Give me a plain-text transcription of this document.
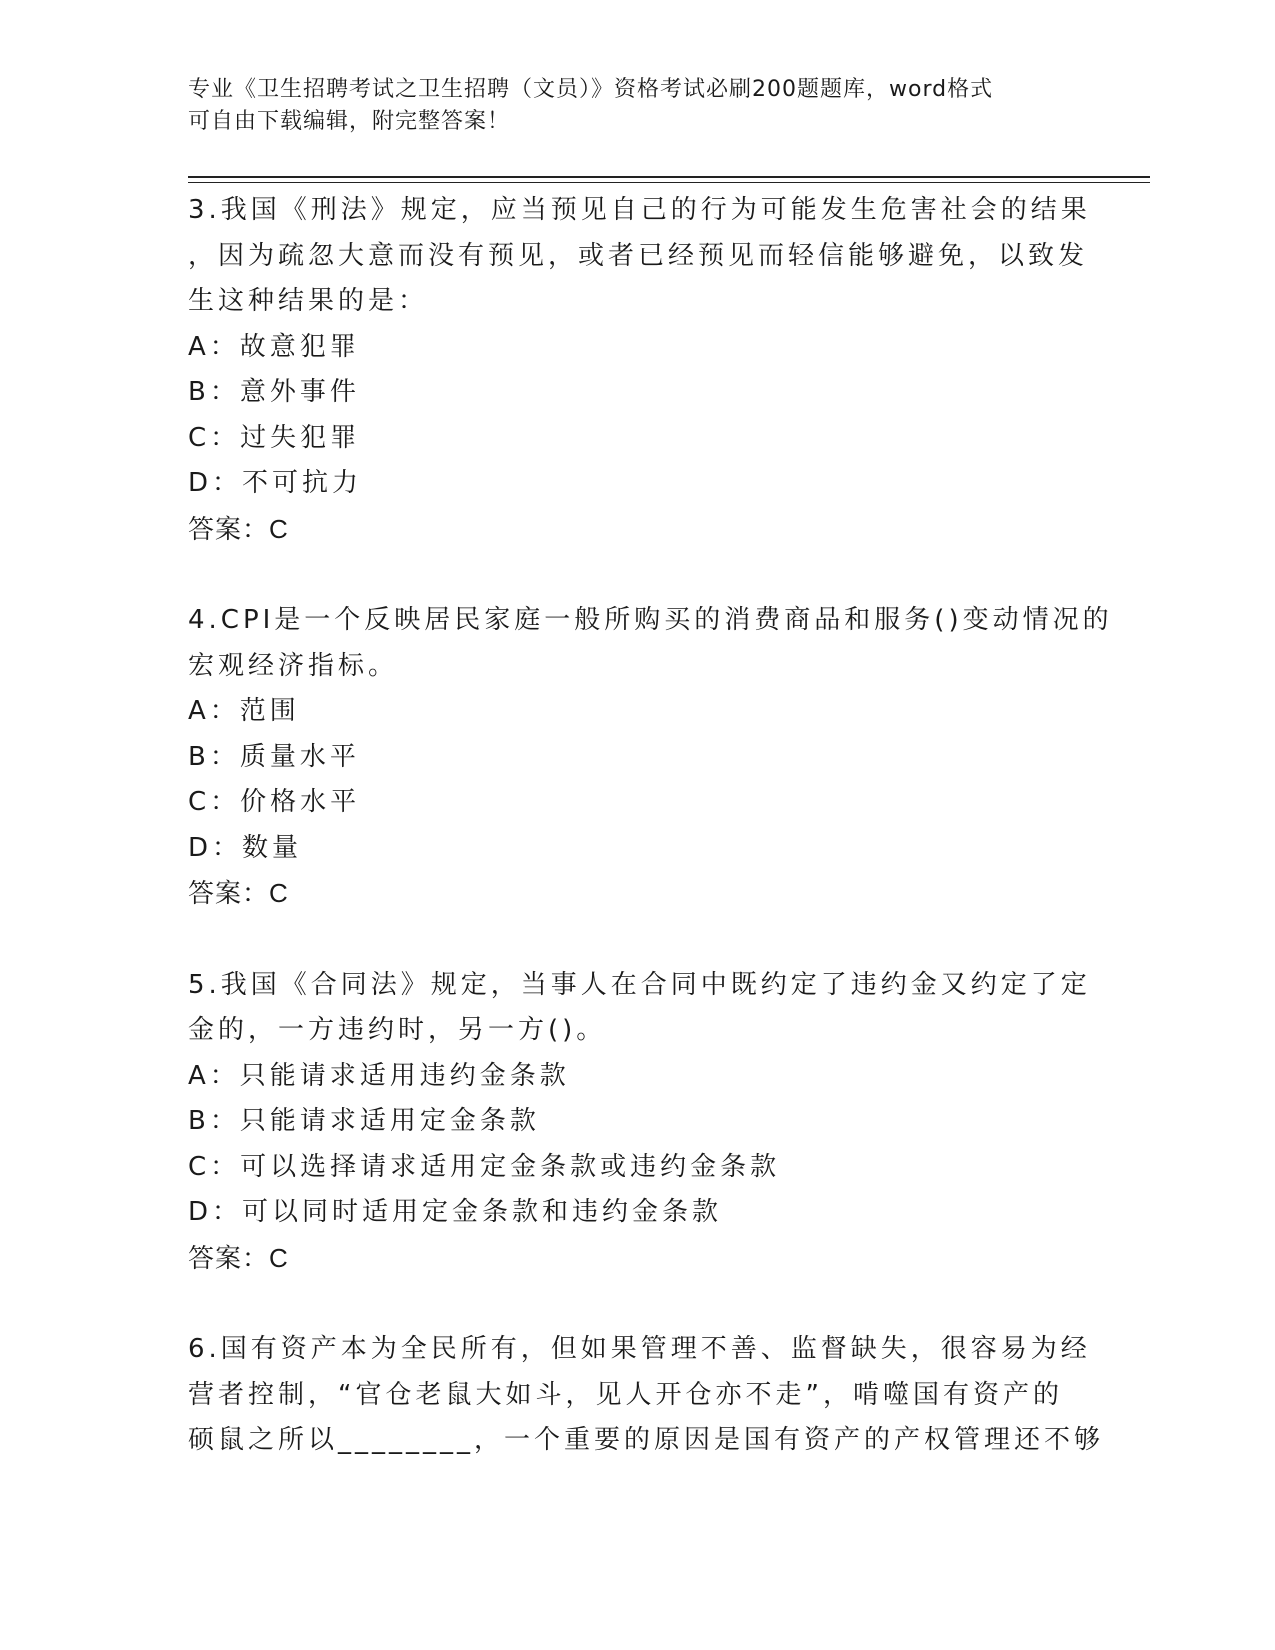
专业《卫生招聘考试之卫生招聘（文员）》资格考试必刷200题题库，word格式
可自由下载编辑，附完整答案！
3.我国《刑法》规定，应当预见自己的行为可能发生危害社会的结果
，因为疏忽大意而没有预见，或者已经预见而轻信能够避免，以致发
生这种结果的是：
A：故意犯罪
B：意外事件
C：过失犯罪
D：不可抗力
答案：C
4.CPI是一个反映居民家庭一般所购买的消费商品和服务()变动情况的
宏观经济指标。
A：范围
B：质量水平
C：价格水平
D：数量
答案：C
5.我国《合同法》规定，当事人在合同中既约定了违约金又约定了定
金的，一方违约时，另一方()。
A：只能请求适用违约金条款
B：只能请求适用定金条款
C：可以选择请求适用定金条款或违约金条款
D：可以同时适用定金条款和违约金条款
答案：C
6.国有资产本为全民所有，但如果管理不善、监督缺失，很容易为经
营者控制，“官仓老鼠大如斗，见人开仓亦不走”，啃噬国有资产的
硕鼠之所以________，一个重要的原因是国有资产的产权管理还不够
